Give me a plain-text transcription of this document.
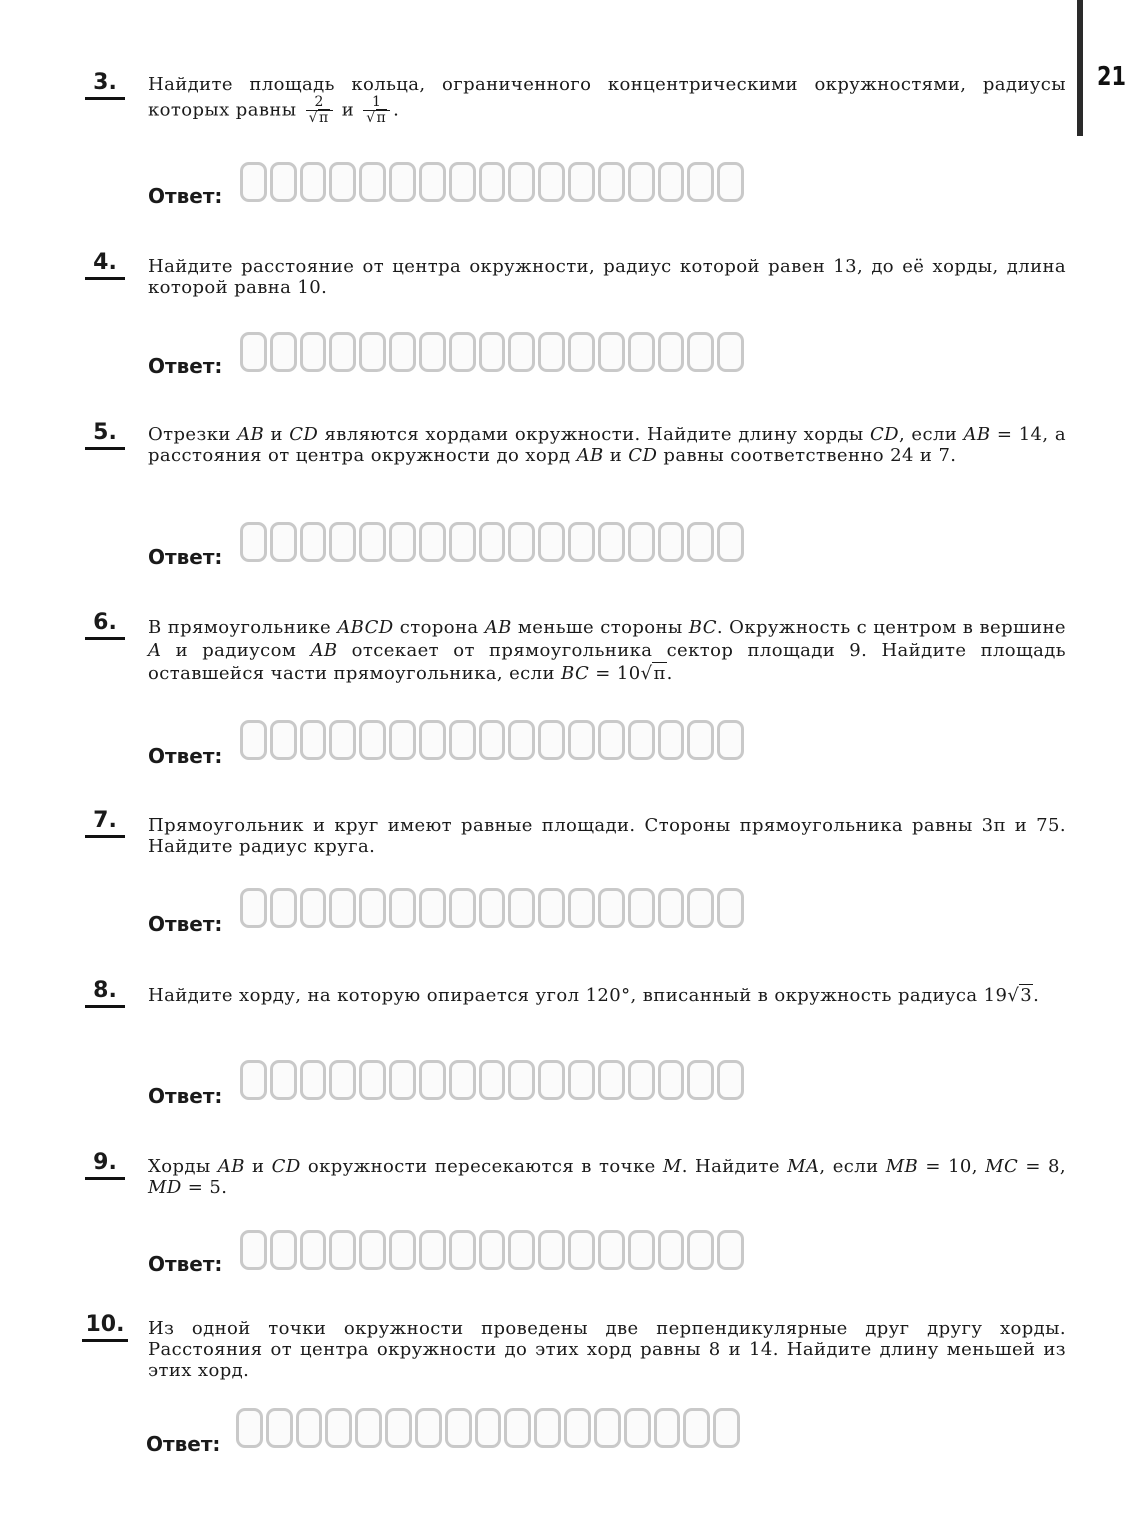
21
3.	Найдите площадь кольца, ограниченного концентрическими окружностями, радиусы которых равны $\frac{2}{√\pi}$ и $\frac{1}{√\pi}$ .
Ответ:
4.	Найдите расстояние от центра окружности, радиус которой равен 13, до её хорды, длина которой равна 10.
Ответ:
5.	Отрезки AB и CD являются хордами окружности. Найдите длину хорды CD, если AB = 14, а расстояния от центра окружности до хорд AB и CD равны соответственно 24 и 7.
Ответ:
6.	В прямоугольнике ABCD сторона AB меньше стороны BC. Окружность с центром в вершине A и радиусом AB отсекает от прямоугольника сектор площади 9. Найдите площадь оставшейся части прямоугольника, если BC = 10√π.
Ответ:
7.	Прямоугольник и круг имеют равные площади. Стороны прямоугольника равны 3π и 75. Найдите радиус круга.
Ответ:
8.	Найдите хорду, на которую опирается угол 120°, вписанный в окружность радиуса 19√3.
Ответ:
9.	Хорды AB и CD окружности пересекаются в точке M. Найдите MA, если MB = 10, MC = 8, MD = 5.
Ответ:
10. Из одной точки окружности проведены две перпендикулярные друг другу хорды. Расстояния от центра окружности до этих хорд равны 8 и 14. Найдите длину меньшей из этих хорд.
Ответ:
